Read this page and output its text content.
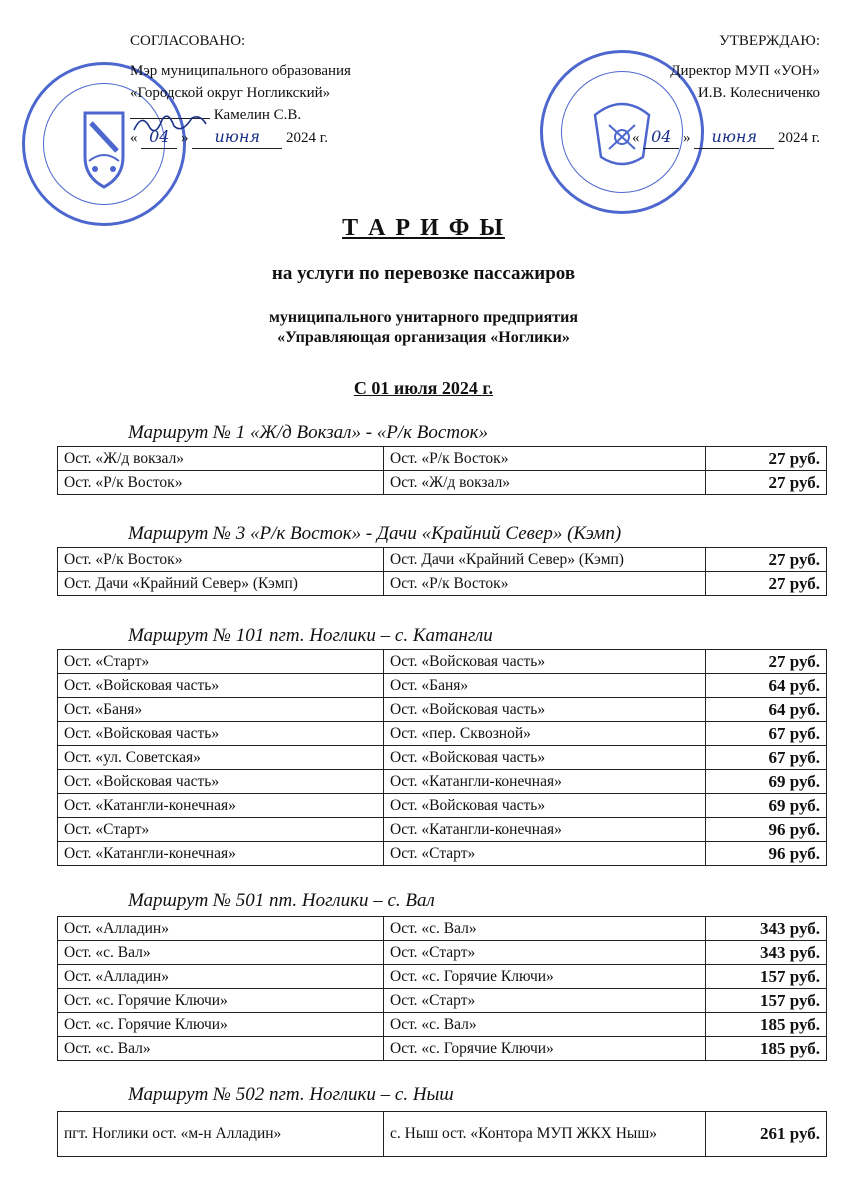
СОГЛАСОВАНО:
Мэр муниципального образования
«Городской округ Ногликский»
Камелин С.В.
« 04 » июня 2024 г.
УТВЕРЖДАЮ:
Директор МУП «УОН»
И.В. Колесниченко
« 04 » июня 2024 г.
Т А Р И Ф Ы
на услуги по перевозке пассажиров
муниципального унитарного предприятия
«Управляющая организация «Ноглики»
С 01 июля 2024 г.
Маршрут № 1 «Ж/д Вокзал» - «Р/к Восток»
Ост. «Ж/д вокзал»	Ост. «Р/к Восток»	27 руб.
Ост. «Р/к Восток»	Ост. «Ж/д вокзал»	27 руб.
Маршрут № 3 «Р/к Восток» - Дачи «Крайний Север» (Кэмп)
Ост. «Р/к Восток»	Ост. Дачи «Крайний Север» (Кэмп)	27 руб.
Ост. Дачи «Крайний Север» (Кэмп)	Ост. «Р/к Восток»	27 руб.
Маршрут № 101 пгт. Ноглики – с. Катангли
Ост. «Старт»	Ост. «Войсковая часть»	27 руб.
Ост. «Войсковая часть»	Ост. «Баня»	64 руб.
Ост. «Баня»	Ост. «Войсковая часть»	64 руб.
Ост. «Войсковая часть»	Ост. «пер. Сквозной»	67 руб.
Ост. «ул. Советская»	Ост. «Войсковая часть»	67 руб.
Ост. «Войсковая часть»	Ост. «Катангли-конечная»	69 руб.
Ост. «Катангли-конечная»	Ост. «Войсковая часть»	69 руб.
Ост. «Старт»	Ост. «Катангли-конечная»	96 руб.
Ост. «Катангли-конечная»	Ост. «Старт»	96 руб.
Маршрут № 501 пт. Ноглики – с. Вал
Ост. «Алладин»	Ост. «с. Вал»	343 руб.
Ост. «с. Вал»	Ост. «Старт»	343 руб.
Ост. «Алладин»	Ост. «с. Горячие Ключи»	157 руб.
Ост. «с. Горячие Ключи»	Ост. «Старт»	157 руб.
Ост. «с. Горячие Ключи»	Ост. «с. Вал»	185 руб.
Ост. «с. Вал»	Ост. «с. Горячие Ключи»	185 руб.
Маршрут № 502 пгт. Ноглики – с. Ныш
пгт. Ноглики ост. «м-н Алладин»	с. Ныш ост. «Контора МУП ЖКХ Ныш»	261 руб.
